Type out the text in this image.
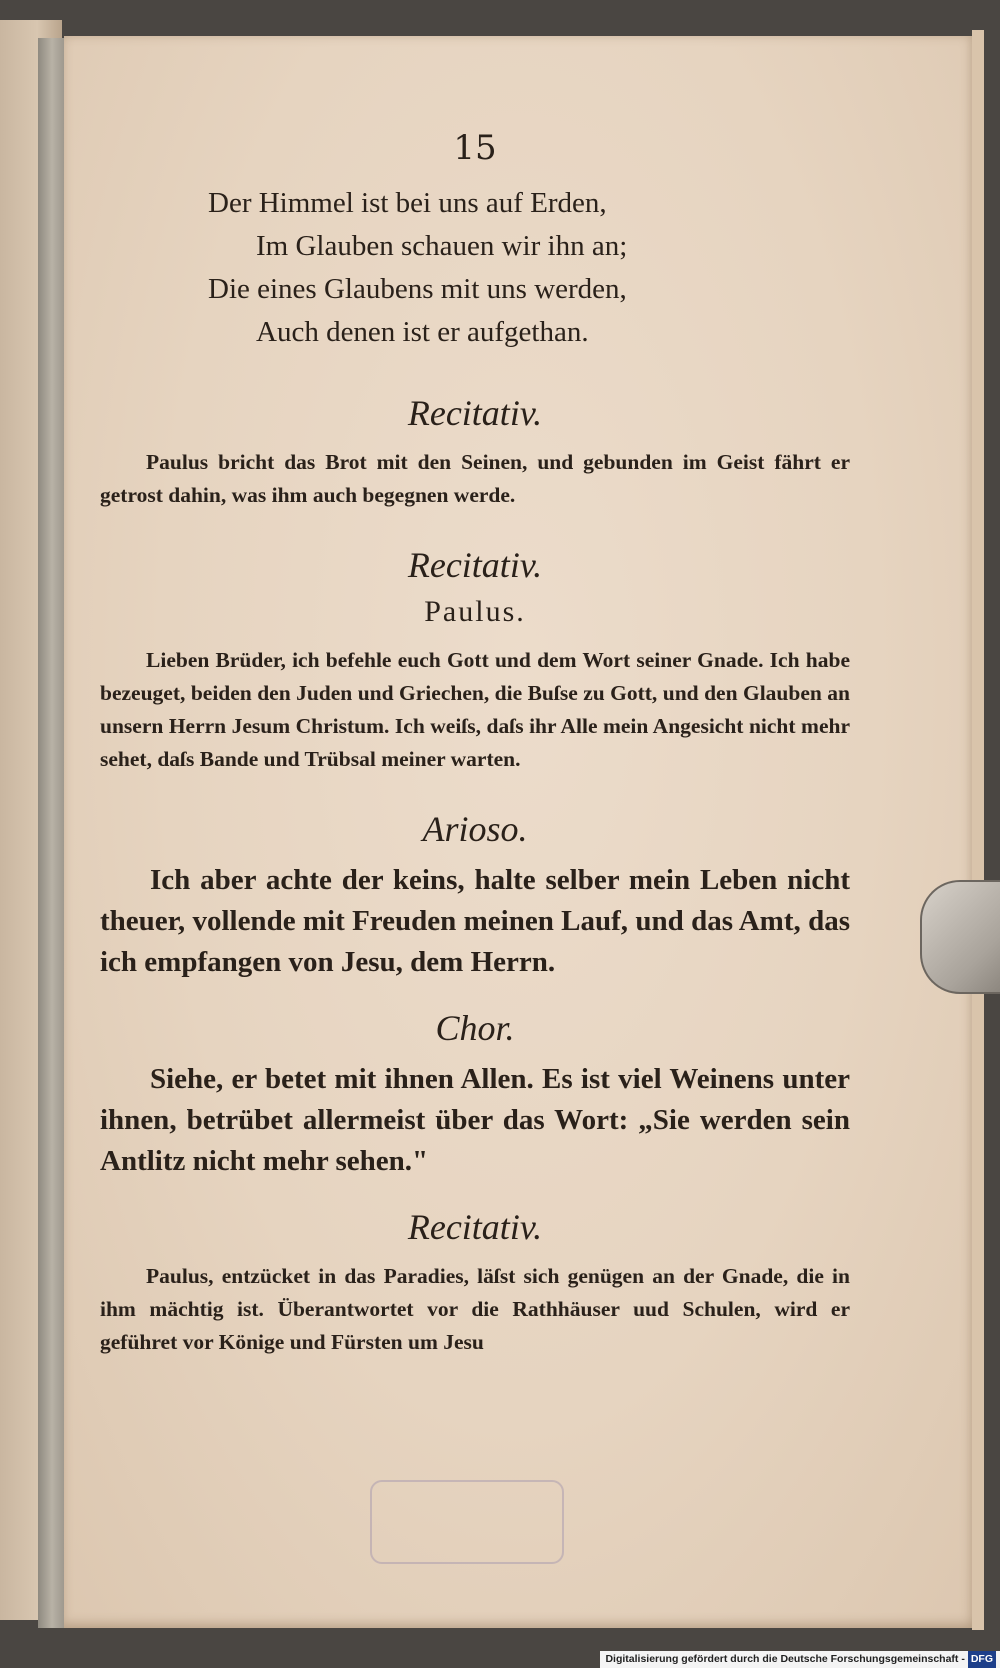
15
Der Himmel ist bei uns auf Erden,
Im Glauben schauen wir ihn an;
Die eines Glaubens mit uns werden,
Auch denen ist er aufgethan.
Recitativ.

Paulus bricht das Brot mit den Seinen, und gebunden im Geist fährt er getrost dahin, was ihm auch begegnen werde.

Recitativ.
Paulus.

Lieben Brüder, ich befehle euch Gott und dem Wort seiner Gnade. Ich habe bezeuget, beiden den Juden und Griechen, die Buſse zu Gott, und den Glauben an unsern Herrn Jesum Christum. Ich weiſs, daſs ihr Alle mein Angesicht nicht mehr sehet, daſs Bande und Trübsal meiner warten.

Arioso.

Ich aber achte der keins, halte selber mein Leben nicht theuer, vollende mit Freuden meinen Lauf, und das Amt, das ich empfangen von Jesu, dem Herrn.

Chor.

Siehe, er betet mit ihnen Allen. Es ist viel Weinens unter ihnen, betrübet allermeist über das Wort: „Sie werden sein Antlitz nicht mehr sehen."

Recitativ.

Paulus, entzücket in das Paradies, läſst sich genügen an der Gnade, die in ihm mächtig ist. Überantwortet vor die Rathhäuser uud Schulen, wird er geführet vor Könige und Fürsten um Jesu

Digitalisierung gefördert durch die Deutsche Forschungsgemeinschaft - DFG
